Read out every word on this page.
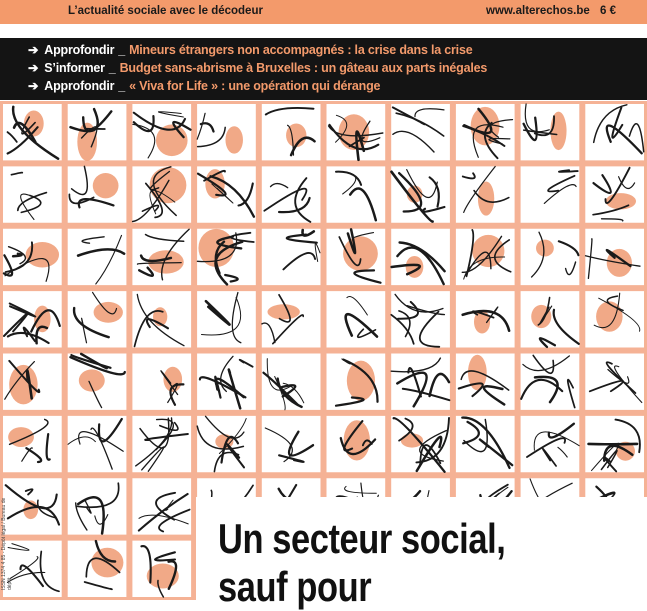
L’actualité sociale avec le décodeur	www.alterechos.be 6 €
➔ Approfondir _ Mineurs étrangers non accompagnés : la crise dans la crise
➔ S’informer _ Budget sans-abrisme à Bruxelles : un gâteau aux parts inégales
➔ Approfondir _ « Viva for Life » : une opération qui dérange
Un secteur social,
sauf pour
ISSN 1374 4 85 - Dépôt légal / Bureau de dépôt
